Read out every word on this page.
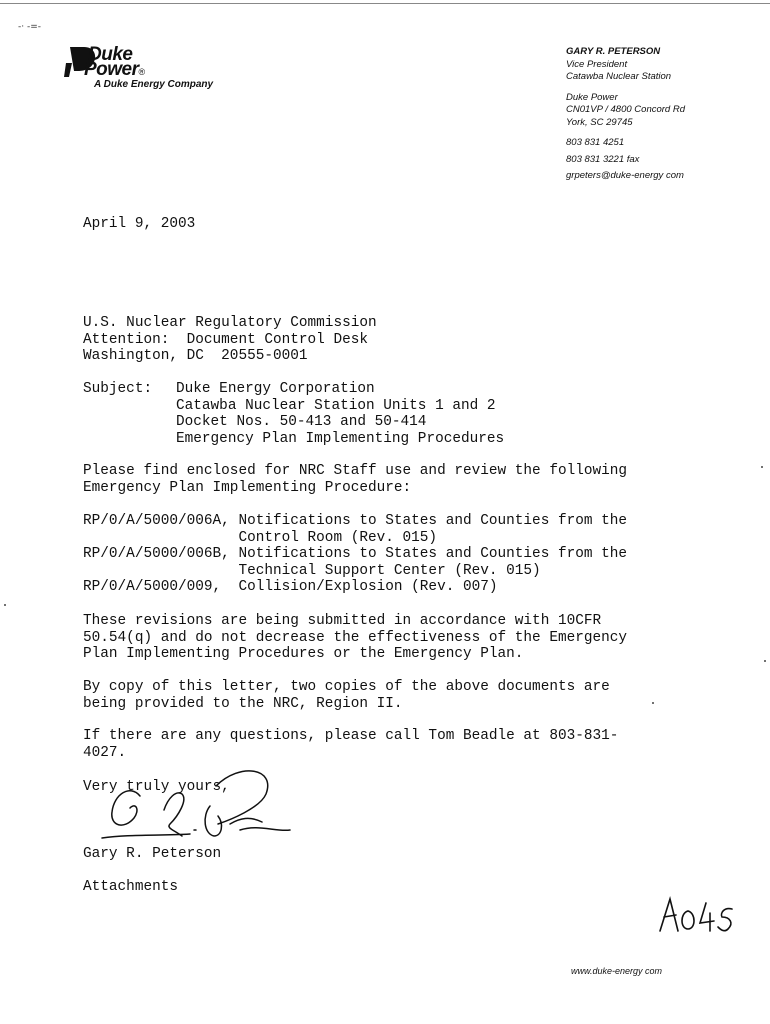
-· -=-
Duke
Power®
A Duke Energy Company
GARY R. PETERSON
Vice President
Catawba Nuclear Station
Duke Power
CN01VP / 4800 Concord Rd
York, SC 29745
803 831 4251
803 831 3221 fax
grpeters@duke-energy com
April 9, 2003
U.S. Nuclear Regulatory Commission
Attention:  Document Control Desk
Washington, DC  20555-0001
Subject: Duke Energy Corporation
Catawba Nuclear Station Units 1 and 2
Docket Nos. 50-413 and 50-414
Emergency Plan Implementing Procedures
Please find enclosed for NRC Staff use and review the following
Emergency Plan Implementing Procedure:
RP/0/A/5000/006A, Notifications to States and Counties from the
Control Room (Rev. 015)
RP/0/A/5000/006B, Notifications to States and Counties from the
Technical Support Center (Rev. 015)
RP/0/A/5000/009,  Collision/Explosion (Rev. 007)
These revisions are being submitted in accordance with 10CFR
50.54(q) and do not decrease the effectiveness of the Emergency
Plan Implementing Procedures or the Emergency Plan.
By copy of this letter, two copies of the above documents are
being provided to the NRC, Region II.
If there are any questions, please call Tom Beadle at 803-831-
4027.
Very truly yours,
Gary R. Peterson
Attachments
www.duke-energy com
